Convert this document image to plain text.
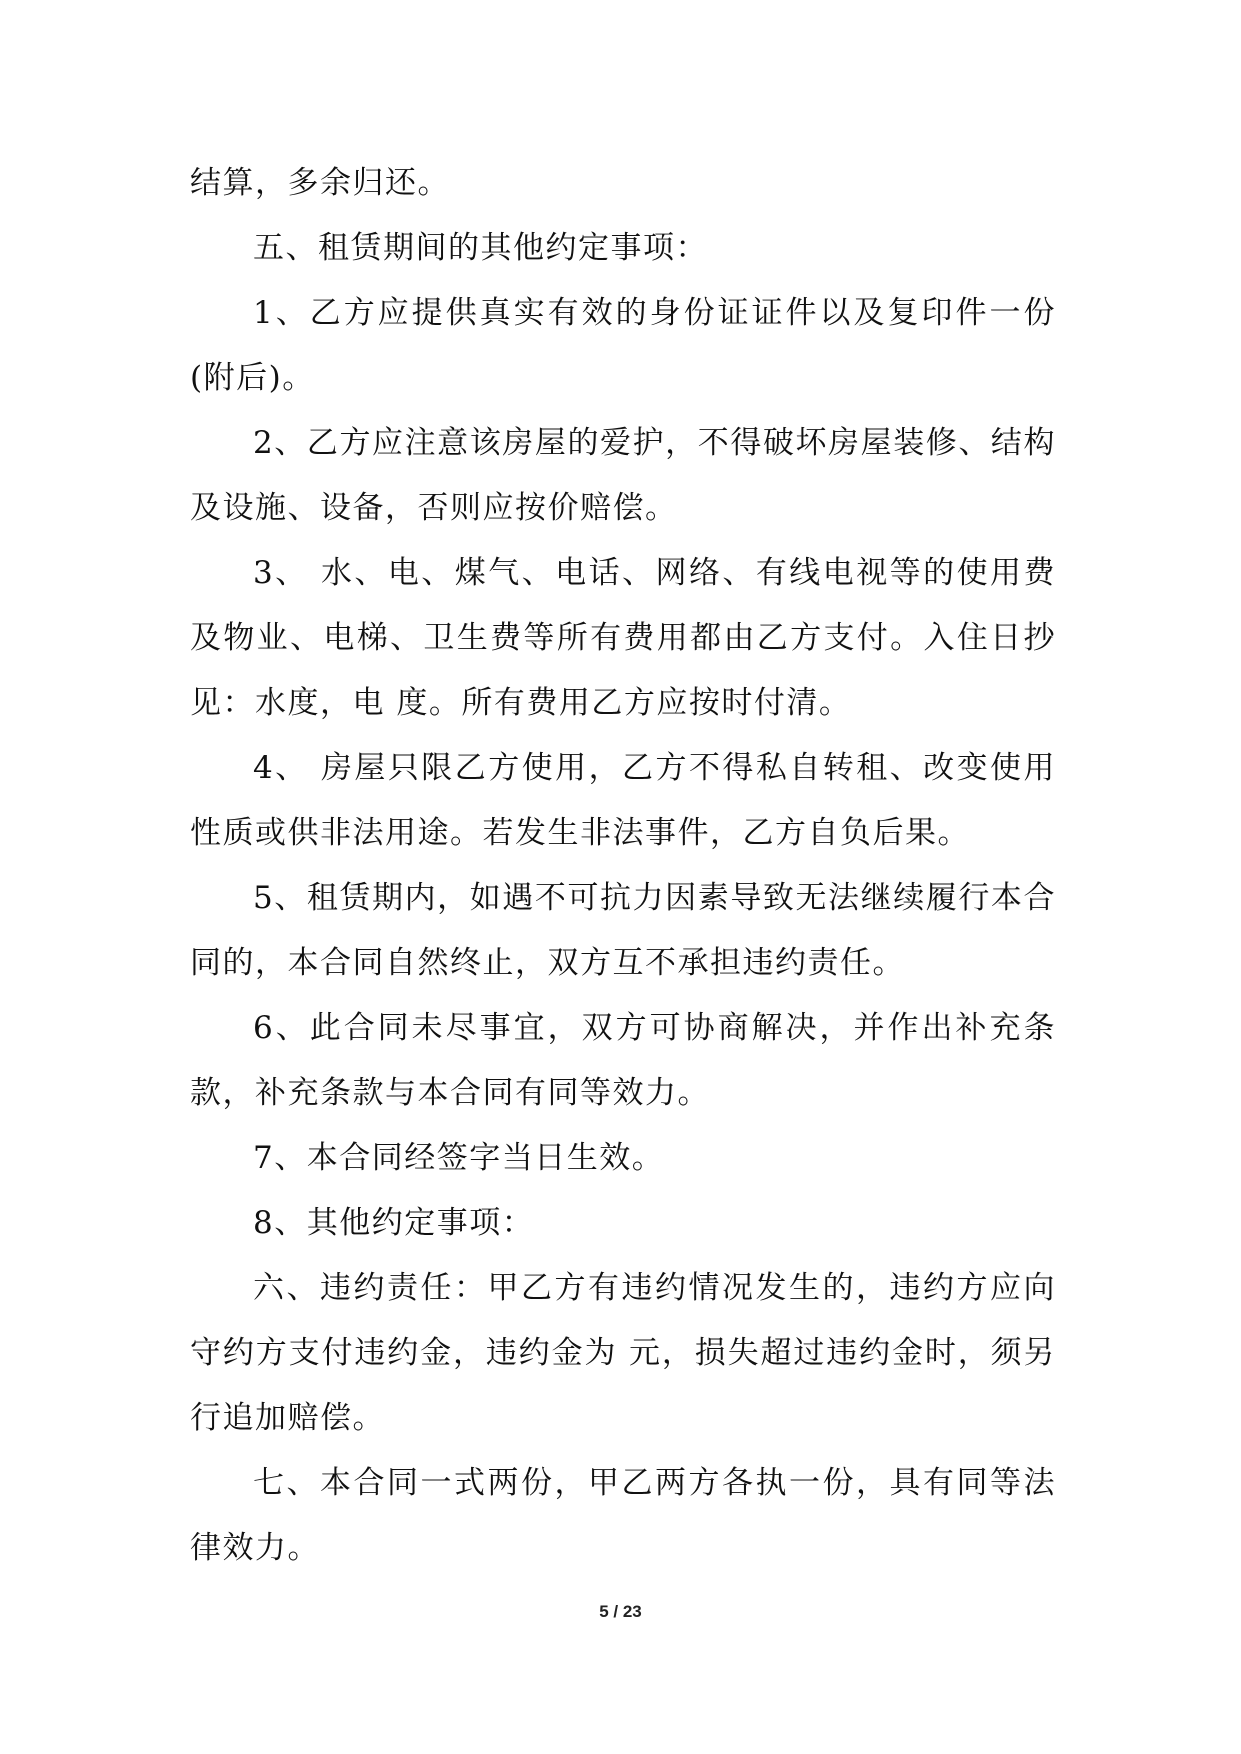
结算，多余归还。

五、租赁期间的其他约定事项：

1、乙方应提供真实有效的身份证证件以及复印件一份(附后)。

2、乙方应注意该房屋的爱护，不得破坏房屋装修、结构及设施、设备，否则应按价赔偿。

3、 水、电、煤气、电话、网络、有线电视等的使用费及物业、电梯、卫生费等所有费用都由乙方支付。入住日抄见：水度，电 度。所有费用乙方应按时付清。

4、 房屋只限乙方使用，乙方不得私自转租、改变使用性质或供非法用途。若发生非法事件，乙方自负后果。

5、租赁期内，如遇不可抗力因素导致无法继续履行本合同的，本合同自然终止，双方互不承担违约责任。

6、此合同未尽事宜，双方可协商解决，并作出补充条款，补充条款与本合同有同等效力。

7、本合同经签字当日生效。

8、其他约定事项：

六、违约责任：甲乙方有违约情况发生的，违约方应向守约方支付违约金，违约金为 元，损失超过违约金时，须另行追加赔偿。

七、本合同一式两份，甲乙两方各执一份，具有同等法律效力。

5 / 23
